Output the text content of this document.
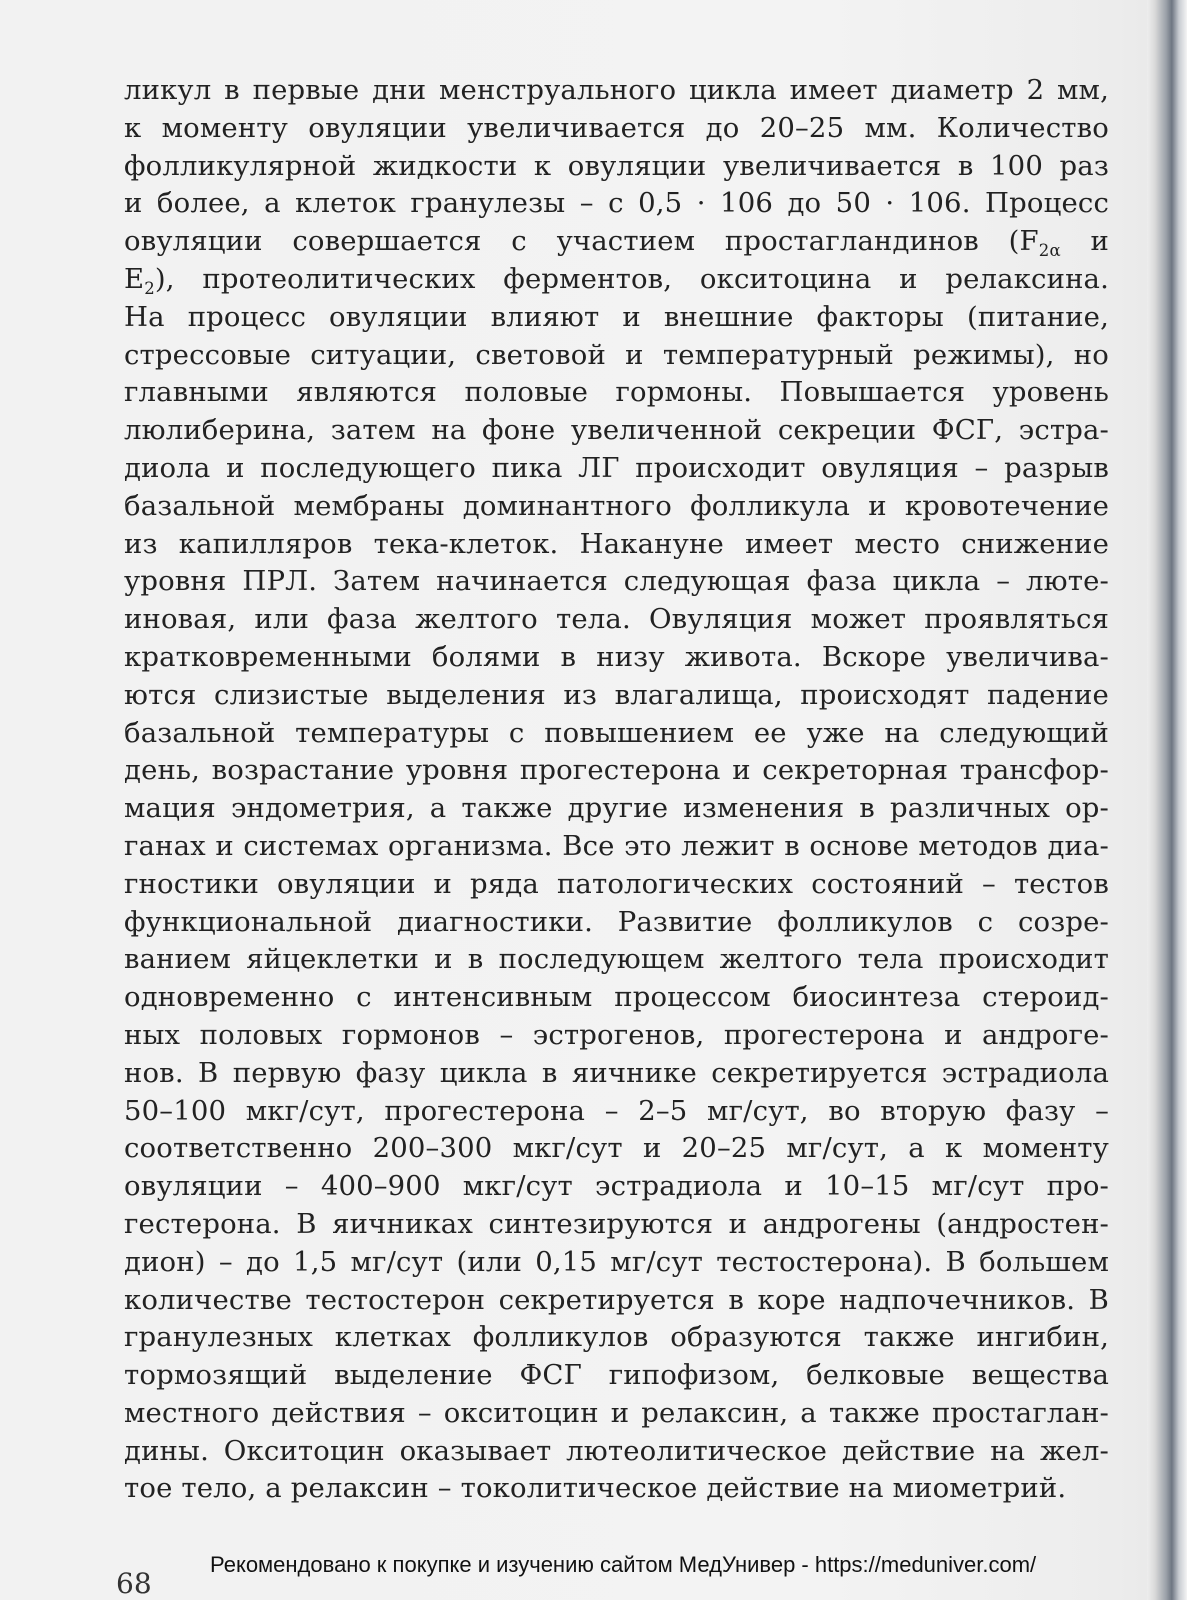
ликул в первые дни менструального цикла имеет диаметр 2 мм,
к моменту овуляции увеличивается до 20–25 мм. Количество
фолликулярной жидкости к овуляции увеличивается в 100 раз
и более, а клеток гранулезы – с 0,5 · 106 до 50 · 106. Процесс
овуляции совершается с участием простагландинов ($F_{2\alpha}$ и
$E_2$), протеолитических ферментов, окситоцина и релаксина.
На процесс овуляции влияют и внешние факторы (питание,
стрессовые ситуации, световой и температурный режимы), но
главными являются половые гормоны. Повышается уровень
люлиберина, затем на фоне увеличенной секреции ФСГ, эстра-
диола и последующего пика ЛГ происходит овуляция – разрыв
базальной мембраны доминантного фолликула и кровотечение
из капилляров тека-клеток. Накануне имеет место снижение
уровня ПРЛ. Затем начинается следующая фаза цикла – люте-
иновая, или фаза желтого тела. Овуляция может проявляться
кратковременными болями в низу живота. Вскоре увеличива-
ются слизистые выделения из влагалища, происходят падение
базальной температуры с повышением ее уже на следующий
день, возрастание уровня прогестерона и секреторная трансфор-
мация эндометрия, а также другие изменения в различных ор-
ганах и системах организма. Все это лежит в основе методов диа-
гностики овуляции и ряда патологических состояний – тестов
функциональной диагностики. Развитие фолликулов с созре-
ванием яйцеклетки и в последующем желтого тела происходит
одновременно с интенсивным процессом биосинтеза стероид-
ных половых гормонов – эстрогенов, прогестерона и андроге-
нов. В первую фазу цикла в яичнике секретируется эстрадиола
50–100 мкг/сут, прогестерона – 2–5 мг/сут, во вторую фазу –
соответственно 200–300 мкг/сут и 20–25 мг/сут, а к моменту
овуляции – 400–900 мкг/сут эстрадиола и 10–15 мг/сут про-
гестерона. В яичниках синтезируются и андрогены (андростен-
дион) – до 1,5 мг/сут (или 0,15 мг/сут тестостерона). В большем
количестве тестостерон секретируется в коре надпочечников. В
гранулезных клетках фолликулов образуются также ингибин,
тормозящий выделение ФСГ гипофизом, белковые вещества
местного действия – окситоцин и релаксин, а также простаглан-
дины. Окситоцин оказывает лютеолитическое действие на жел-
тое тело, а релаксин – токолитическое действие на миометрий.
68
Рекомендовано к покупке и изучению сайтом МедУнивер - https://meduniver.com/
